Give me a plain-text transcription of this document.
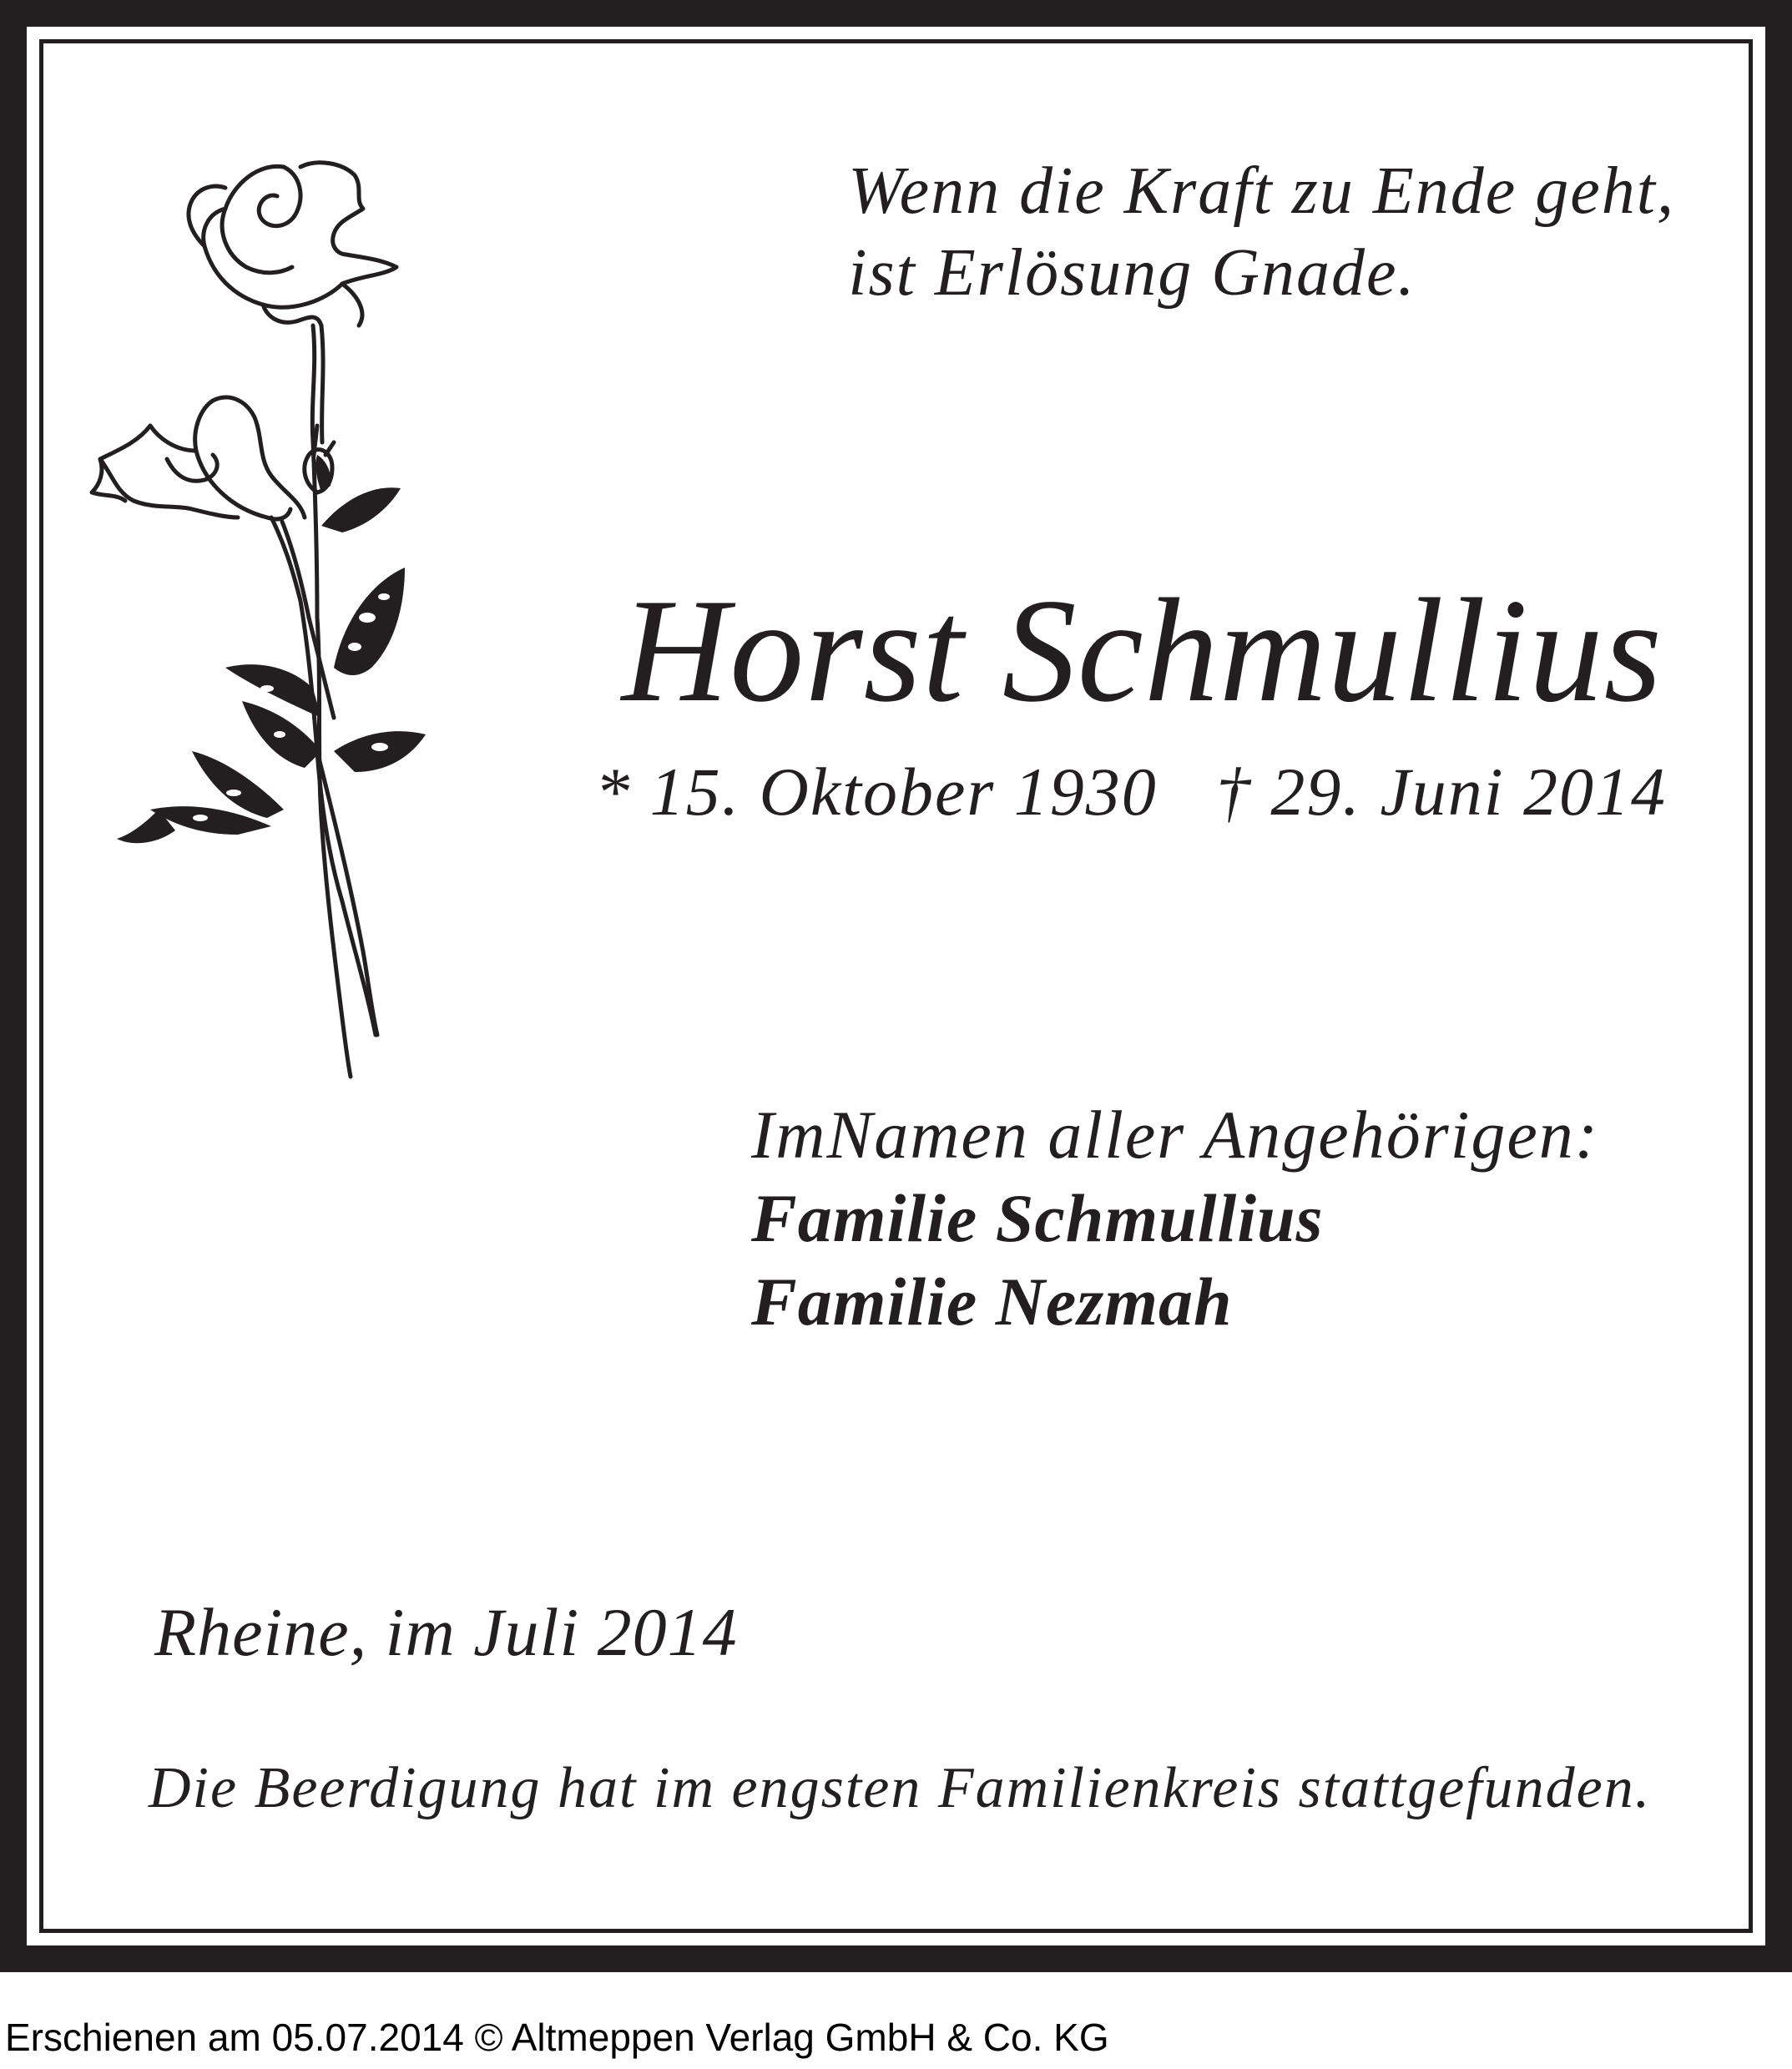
Wenn die Kraft zu Ende geht,
ist Erlösung Gnade.
Horst Schmullius
* 15. Oktober 1930 † 29. Juni 2014
ImNamen aller Angehörigen:
Familie Schmullius
Familie Nezmah
Rheine, im Juli 2014
Die Beerdigung hat im engsten Familienkreis stattgefunden.
Erschienen am 05.07.2014 © Altmeppen Verlag GmbH & Co. KG
